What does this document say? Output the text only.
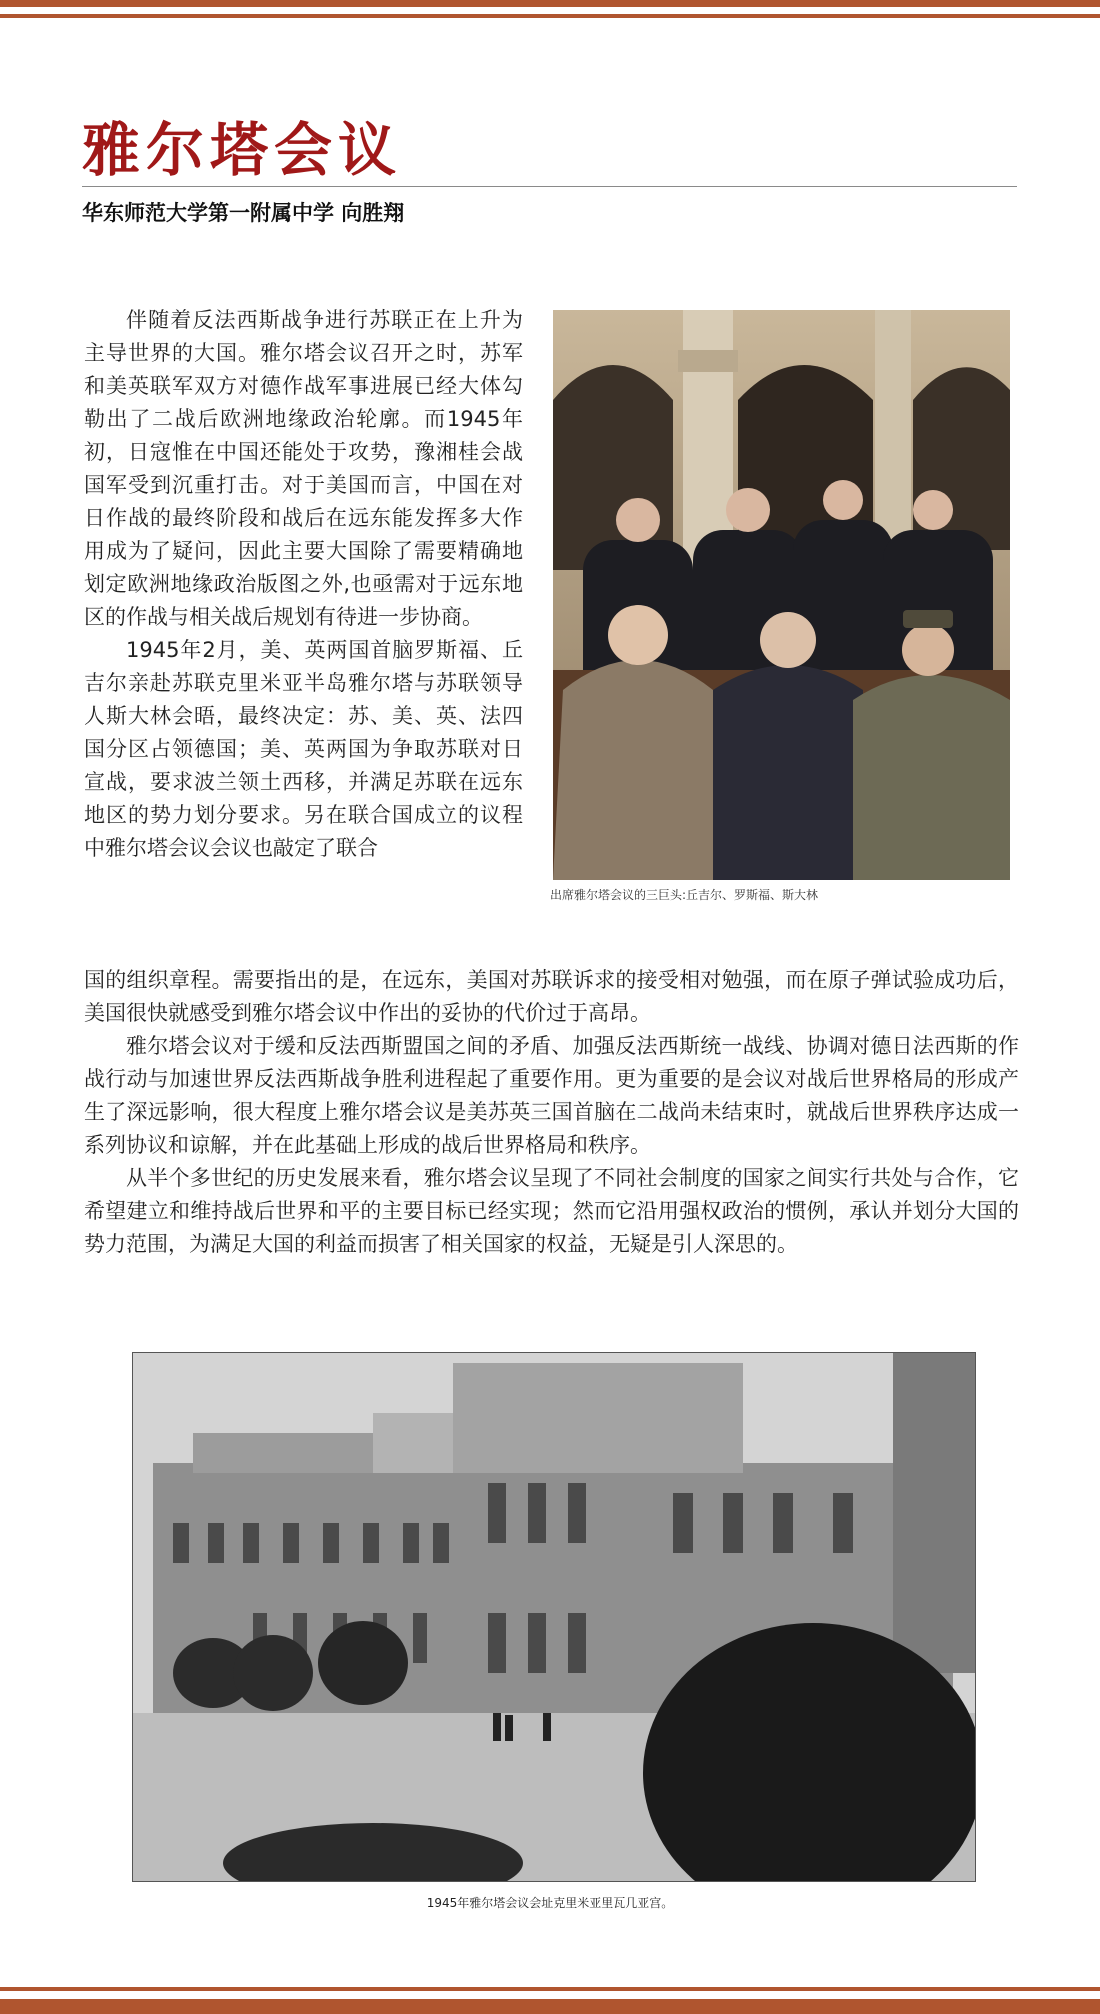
雅尔塔会议
华东师范大学第一附属中学 向胜翔

伴随着反法西斯战争进行苏联正在上升为主导世界的大国。雅尔塔会议召开之时，苏军和美英联军双方对德作战军事进展已经大体勾勒出了二战后欧洲地缘政治轮廓。而1945年初，日寇惟在中国还能处于攻势，豫湘桂会战国军受到沉重打击。对于美国而言，中国在对日作战的最终阶段和战后在远东能发挥多大作用成为了疑问，因此主要大国除了需要精确地划定欧洲地缘政治版图之外,也亟需对于远东地区的作战与相关战后规划有待进一步协商。

1945年2月，美、英两国首脑罗斯福、丘吉尔亲赴苏联克里米亚半岛雅尔塔与苏联领导人斯大林会晤，最终决定：苏、美、英、法四国分区占领德国；美、英两国为争取苏联对日宣战，要求波兰领土西移，并满足苏联在远东地区的势力划分要求。另在联合国成立的议程中雅尔塔会议会议也敲定了联合

出席雅尔塔会议的三巨头:丘吉尔、罗斯福、斯大林

国的组织章程。需要指出的是，在远东，美国对苏联诉求的接受相对勉强，而在原子弹试验成功后，美国很快就感受到雅尔塔会议中作出的妥协的代价过于高昂。

雅尔塔会议对于缓和反法西斯盟国之间的矛盾、加强反法西斯统一战线、协调对德日法西斯的作战行动与加速世界反法西斯战争胜利进程起了重要作用。更为重要的是会议对战后世界格局的形成产生了深远影响，很大程度上雅尔塔会议是美苏英三国首脑在二战尚未结束时，就战后世界秩序达成一系列协议和谅解，并在此基础上形成的战后世界格局和秩序。

从半个多世纪的历史发展来看，雅尔塔会议呈现了不同社会制度的国家之间实行共处与合作，它希望建立和维持战后世界和平的主要目标已经实现；然而它沿用强权政治的惯例，承认并划分大国的势力范围，为满足大国的利益而损害了相关国家的权益，无疑是引人深思的。

1945年雅尔塔会议会址克里米亚里瓦几亚宫。
